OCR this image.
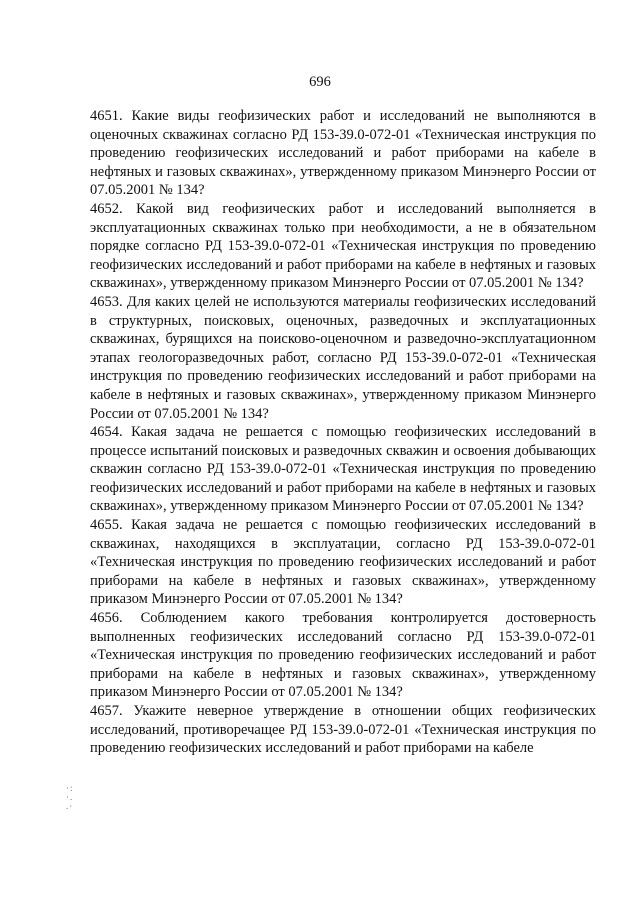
696

4651. Какие виды геофизических работ и исследований не выполняются в оценочных скважинах согласно РД 153-39.0-072-01 «Техническая инструкция по проведению геофизических исследований и работ приборами на кабеле в нефтяных и газовых скважинах», утвержденному приказом Минэнерго России от 07.05.2001 № 134?

4652. Какой вид геофизических работ и исследований выполняется в эксплуатационных скважинах только при необходимости, а не в обязательном порядке согласно РД 153-39.0-072-01 «Техническая инструкция по проведению геофизических исследований и работ приборами на кабеле в нефтяных и газовых скважинах», утвержденному приказом Минэнерго России от 07.05.2001 № 134?

4653. Для каких целей не используются материалы геофизических исследований в структурных, поисковых, оценочных, разведочных и эксплуатационных скважинах, бурящихся на поисково-оценочном и разведочно-эксплуатационном этапах геологоразведочных работ, согласно РД 153-39.0-072-01 «Техническая инструкция по проведению геофизических исследований и работ приборами на кабеле в нефтяных и газовых скважинах», утвержденному приказом Минэнерго России от 07.05.2001 № 134?

4654. Какая задача не решается с помощью геофизических исследований в процессе испытаний поисковых и разведочных скважин и освоения добывающих скважин согласно РД 153-39.0-072-01 «Техническая инструкция по проведению геофизических исследований и работ приборами на кабеле в нефтяных и газовых скважинах», утвержденному приказом Минэнерго России от 07.05.2001 № 134?

4655. Какая задача не решается с помощью геофизических исследований в скважинах, находящихся в эксплуатации, согласно РД 153-39.0-072-01 «Техническая инструкция по проведению геофизических исследований и работ приборами на кабеле в нефтяных и газовых скважинах», утвержденному приказом Минэнерго России от 07.05.2001 № 134?

4656. Соблюдением какого требования контролируется достоверность выполненных геофизических исследований согласно РД 153-39.0-072-01 «Техническая инструкция по проведению геофизических исследований и работ приборами на кабеле в нефтяных и газовых скважинах», утвержденному приказом Минэнерго России от 07.05.2001 № 134?

4657. Укажите неверное утверждение в отношении общих геофизических исследований, противоречащее РД 153-39.0-072-01 «Техническая инструкция по проведению геофизических исследований и работ приборами на кабеле

·:
·.
.·
